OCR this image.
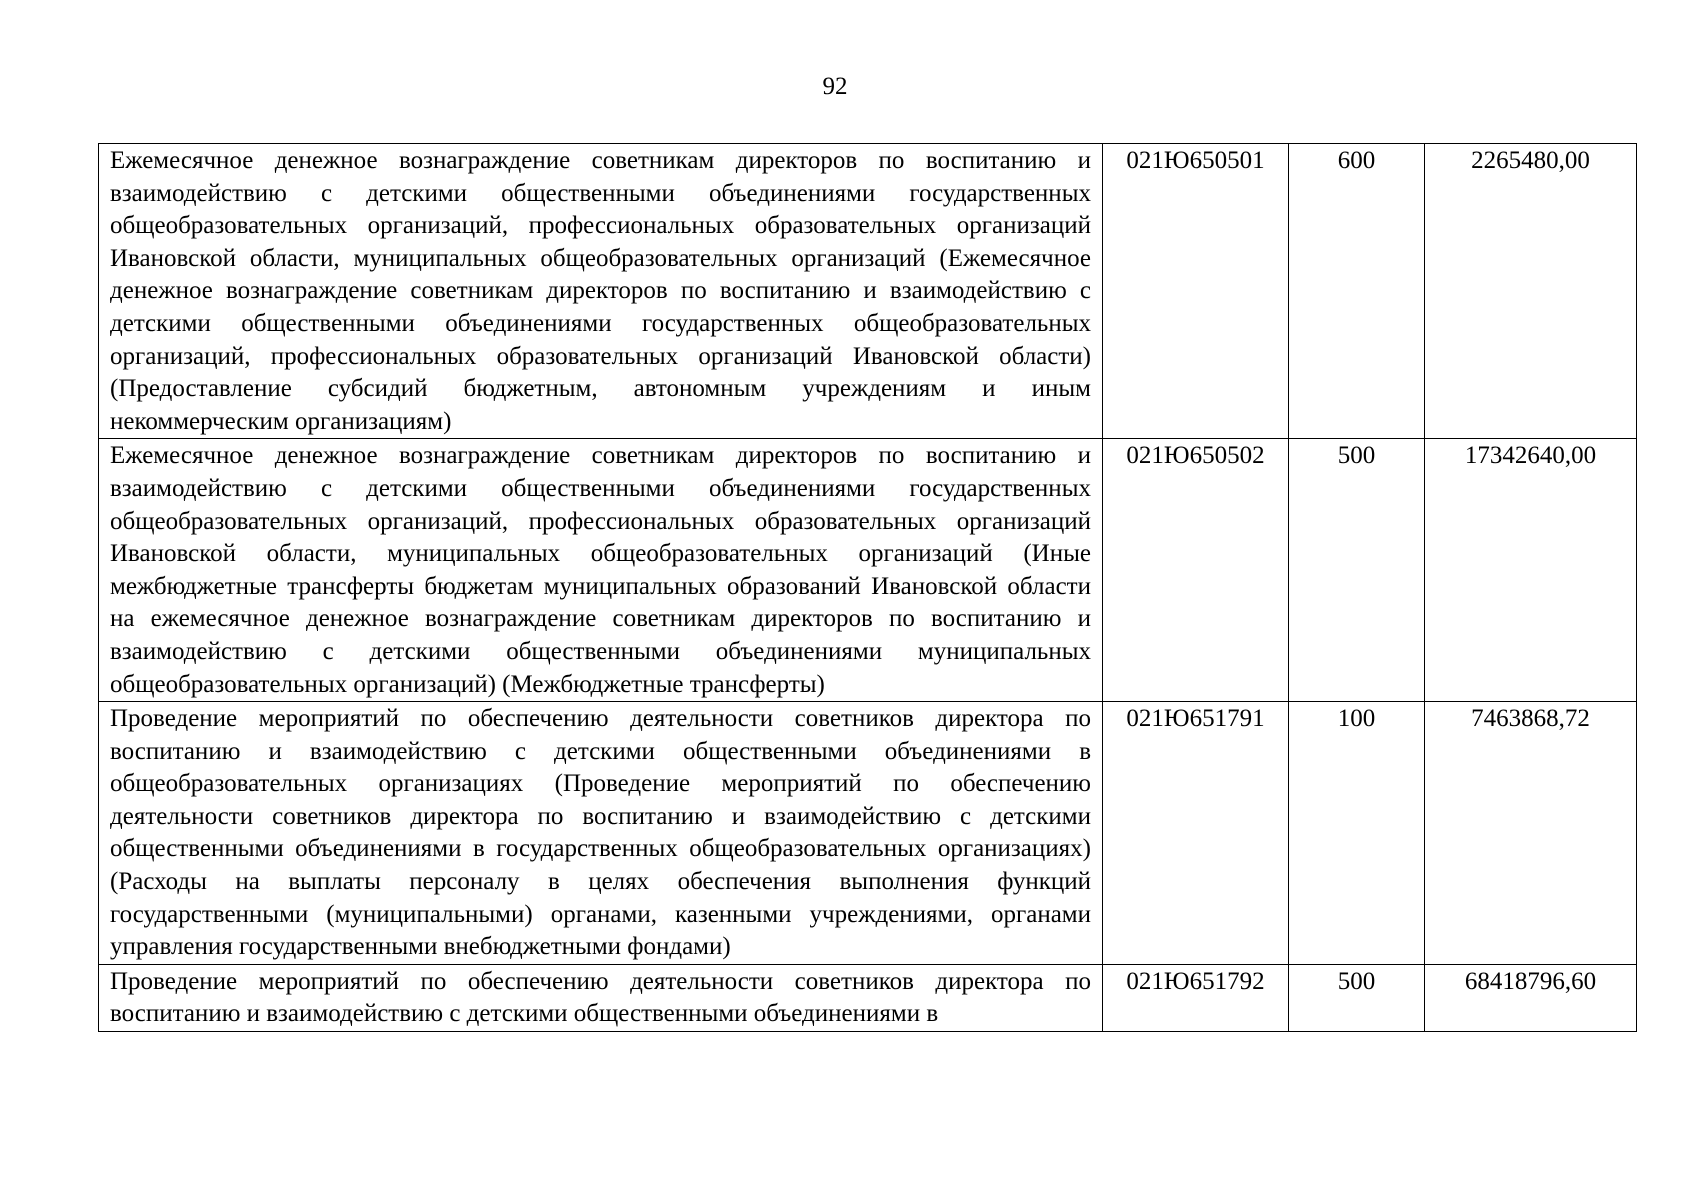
92
Ежемесячное денежное вознаграждение советникам директоров по воспитанию и взаимодействию с детскими общественными объединениями государственных общеобразовательных организаций, профессиональных образовательных организаций Ивановской области, муниципальных общеобразовательных организаций (Ежемесячное денежное вознаграждение советникам директоров по воспитанию и взаимодействию с детскими общественными объединениями государственных общеобразовательных организаций, профессиональных образовательных организаций Ивановской области) (Предоставление субсидий бюджетным, автономным учреждениям и иным некоммерческим организациям)	021Ю650501	600	2265480,00

Ежемесячное денежное вознаграждение советникам директоров по воспитанию и взаимодействию с детскими общественными объединениями государственных общеобразовательных организаций, профессиональных образовательных организаций Ивановской области, муниципальных общеобразовательных организаций (Иные межбюджетные трансферты бюджетам муниципальных образований Ивановской области на ежемесячное денежное вознаграждение советникам директоров по воспитанию и взаимодействию с детскими общественными объединениями муниципальных общеобразовательных организаций) (Межбюджетные трансферты)	021Ю650502	500	17342640,00

Проведение мероприятий по обеспечению деятельности советников директора по воспитанию и взаимодействию с детскими общественными объединениями в общеобразовательных организациях (Проведение мероприятий по обеспечению деятельности советников директора по воспитанию и взаимодействию с детскими общественными объединениями в государственных общеобразовательных организациях) (Расходы на выплаты персоналу в целях обеспечения выполнения функций государственными (муниципальными) органами, казенными учреждениями, органами управления государственными внебюджетными фондами)	021Ю651791	100	7463868,72

Проведение мероприятий по обеспечению деятельности советников директора по воспитанию и взаимодействию с детскими общественными объединениями в	021Ю651792	500	68418796,60
